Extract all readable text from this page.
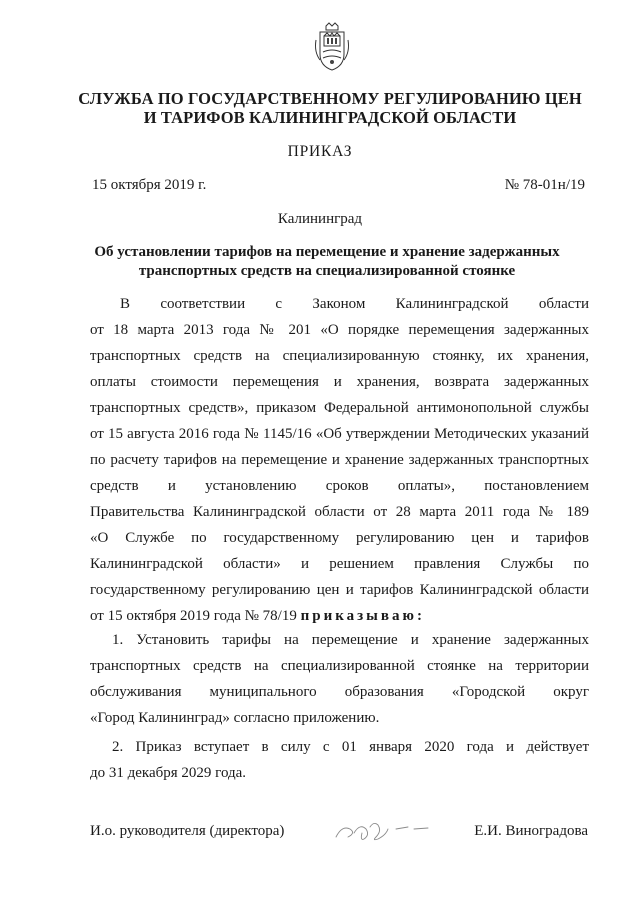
СЛУЖБА ПО ГОСУДАРСТВЕННОМУ РЕГУЛИРОВАНИЮ ЦЕН
И ТАРИФОВ КАЛИНИНГРАДСКОЙ ОБЛАСТИ
ПРИКАЗ
15 октября 2019 г.	№ 78-01н/19
Калининград
Об установлении тарифов на перемещение и хранение задержанных
транспортных средств на специализированной стоянке
В соответствии с Законом Калининградской области
от 18 марта 2013 года № 201 «О порядке перемещения задержанных
транспортных средств на специализированную стоянку, их хранения,
оплаты стоимости перемещения и хранения, возврата задержанных
транспортных средств», приказом Федеральной антимонопольной службы
от 15 августа 2016 года № 1145/16 «Об утверждении Методических указаний
по расчету тарифов на перемещение и хранение задержанных транспортных
средств и установлению сроков оплаты», постановлением
Правительства Калининградской области от 28 марта 2011 года № 189
«О Службе по государственному регулированию цен и тарифов
Калининградской области» и решением правления Службы по
государственному регулированию цен и тарифов Калининградской области
от 15 октября 2019 года № 78/19 приказываю:
1. Установить тарифы на перемещение и хранение задержанных
транспортных средств на специализированной стоянке на территории
обслуживания муниципального образования «Городской округ
«Город Калининград» согласно приложению.
2. Приказ вступает в силу с 01 января 2020 года и действует
до 31 декабря 2029 года.
И.о. руководителя (директора)	Е.И. Виноградова
